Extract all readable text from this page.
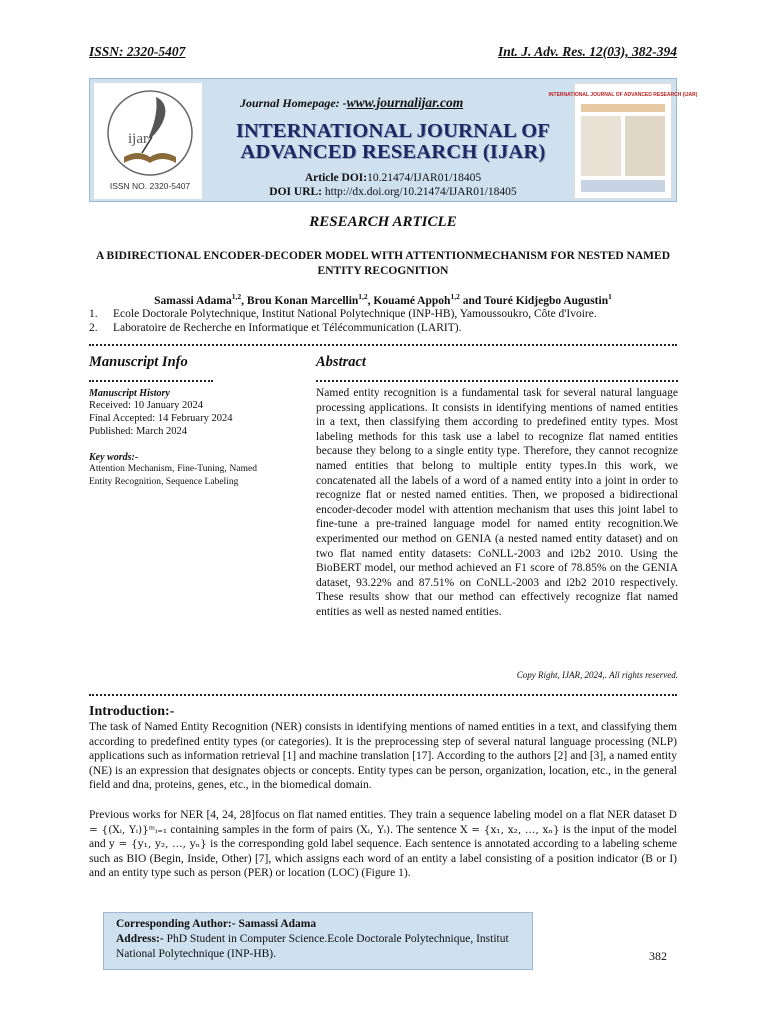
ISSN: 2320-5407	Int. J. Adv. Res. 12(03), 382-394
ijar
ISSN NO. 2320-5407
Journal Homepage: -www.journalijar.com
INTERNATIONAL JOURNAL OF
ADVANCED RESEARCH (IJAR)
Article DOI:10.21474/IJAR01/18405
DOI URL: http://dx.doi.org/10.21474/IJAR01/18405
INTERNATIONAL JOURNAL OF ADVANCED RESEARCH (IJAR)
RESEARCH ARTICLE
A BIDIRECTIONAL ENCODER-DECODER MODEL WITH ATTENTIONMECHANISM FOR NESTED NAMED ENTITY RECOGNITION
Samassi Adama$^{1,2}$, Brou Konan Marcellin$^{1,2}$, Kouamé Appoh$^{1,2}$ and Touré Kidjegbo Augustin$^1$
1. Ecole Doctorale Polytechnique, Institut National Polytechnique (INP-HB), Yamoussoukro, Côte d'Ivoire.
2. Laboratoire de Recherche en Informatique et Télécommunication (LARIT).
Manuscript Info
Manuscript History
Received: 10 January 2024
Final Accepted: 14 February 2024
Published: March 2024
Key words:-
Attention Mechanism, Fine-Tuning, Named Entity Recognition, Sequence Labeling
Abstract
Named entity recognition is a fundamental task for several natural language processing applications. It consists in identifying mentions of named entities in a text, then classifying them according to predefined entity types. Most labeling methods for this task use a label to recognize flat named entities because they belong to a single entity type. Therefore, they cannot recognize named entities that belong to multiple entity types.In this work, we concatenated all the labels of a word of a named entity into a joint in order to recognize flat or nested named entities. Then, we proposed a bidirectional encoder-decoder model with attention mechanism that uses this joint label to fine-tune a pre-trained language model for named entity recognition.We experimented our method on GENIA (a nested named entity dataset) and on two flat named entity datasets: CoNLL-2003 and i2b2 2010. Using the BioBERT model, our method achieved an F1 score of 78.85% on the GENIA dataset, 93.22% and 87.51% on CoNLL-2003 and i2b2 2010 respectively. These results show that our method can effectively recognize flat named entities as well as nested named entities.
Copy Right, IJAR, 2024,. All rights reserved.
Introduction:-
The task of Named Entity Recognition (NER) consists in identifying mentions of named entities in a text, and classifying them according to predefined entity types (or categories). It is the preprocessing step of several natural language processing (NLP) applications such as information retrieval [1] and machine translation [17]. According to the authors [2] and [3], a named entity (NE) is an expression that designates objects or concepts. Entity types can be person, organization, location, etc., in the general field and dna, proteins, genes, etc., in the biomedical domain.
Previous works for NER [4, 24, 28]focus on flat named entities. They train a sequence labeling model on a flat NER dataset D = {(Xᵢ, Yᵢ)}ᵐᵢ₌₁ containing samples in the form of pairs (Xᵢ, Yᵢ). The sentence X = {x₁, x₂, …, xₙ} is the input of the model and y = {y₁, y₂, …, yₙ} is the corresponding gold label sequence. Each sentence is annotated according to a labeling scheme such as BIO (Begin, Inside, Other) [7], which assigns each word of an entity a label consisting of a position indicator (B or I) and an entity type such as person (PER) or location (LOC) (Figure 1).
Corresponding Author:- Samassi Adama
Address:- PhD Student in Computer Science.Ecole Doctorale Polytechnique, Institut National Polytechnique (INP-HB).	382
